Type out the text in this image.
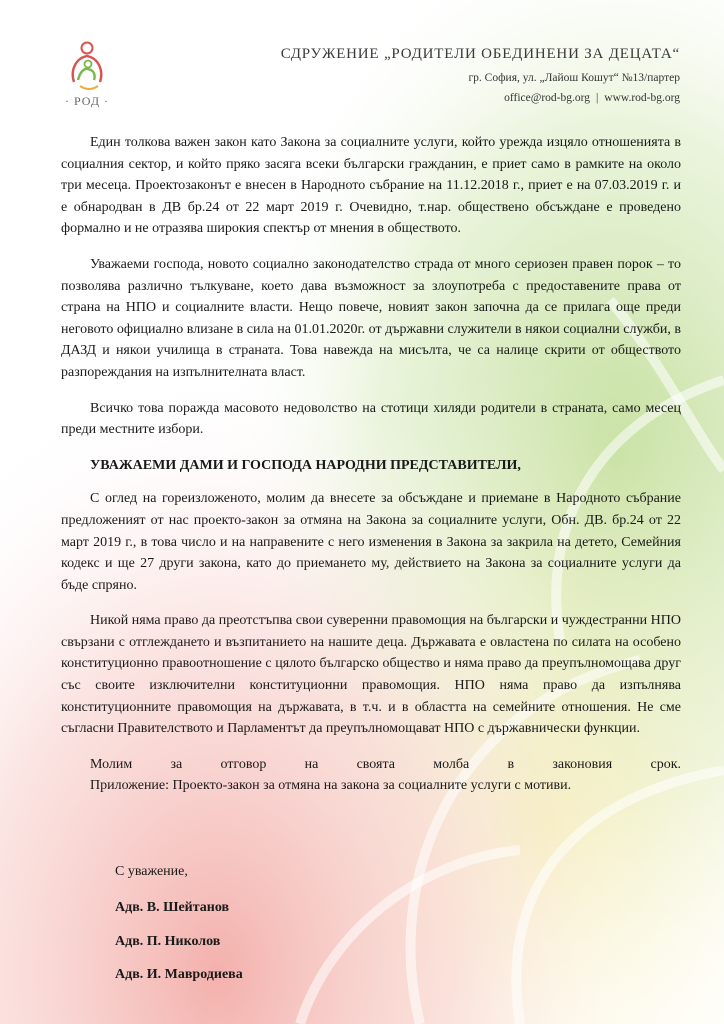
· РОД ·
СДРУЖЕНИЕ „РОДИТЕЛИ ОБЕДИНЕНИ ЗА ДЕЦАТА“
гр. София, ул. „Лайош Кошут“ №13/партер
office@rod-bg.org | www.rod-bg.org

Един толкова важен закон като Закона за социалните услуги, който урежда изцяло отношенията в социалния сектор, и който пряко засяга всеки български гражданин, е приет само в рамките на около три месеца. Проектозаконът е внесен в Народното събрание на 11.12.2018 г., приет е на 07.03.2019 г. и е обнародван в ДВ бр.24 от 22 март 2019 г. Очевидно, т.нар. обществено обсъждане е проведено формално и не отразява широкия спектър от мнения в обществото.

Уважаеми господа, новото социално законодателство страда от много сериозен правен порок – то позволява различно тълкуване, което дава възможност за злоупотреба с предоставените права от страна на НПО и социалните власти. Нещо повече, новият закон започна да се прилага още преди неговото официално влизане в сила на 01.01.2020г. от държавни служители в някои социални служби, в ДАЗД и някои училища в страната. Това навежда на мисълта, че са налице скрити от обществото разпореждания на изпълнителната власт.

Всичко това поражда масовото недоволство на стотици хиляди родители в страната, само месец преди местните избори.

УВАЖАЕМИ ДАМИ И ГОСПОДА НАРОДНИ ПРЕДСТАВИТЕЛИ,

С оглед на гореизложеното, молим да внесете за обсъждане и приемане в Народното събрание предложеният от нас проекто-закон за отмяна на Закона за социалните услуги, Обн. ДВ. бр.24 от 22 март 2019 г., в това число и на направените с него изменения в Закона за закрила на детето, Семейния кодекс и ще 27 други закона, като до приемането му, действието на Закона за социалните услуги да бъде спряно.

Никой няма право да преотстъпва свои суверенни правомощия на български и чуждестранни НПО свързани с отглеждането и възпитанието на нашите деца. Държавата е овластена по силата на особено конституционно правоотношение с цялото българско общество и няма право да преупълномощава друг със своите изключителни конституционни правомощия. НПО няма право да изпълнява конституционните правомощия на държавата, в т.ч. и в областта на семейните отношения. Не сме съгласни Правителството и Парламентът да преупълномощават НПО с държавнически функции.

Молим за отговор на своята молба в законовия срок.
Приложение: Проекто-закон за отмяна на закона за социалните услуги с мотиви.
С уважение,
Адв. В. Шейтанов
Адв. П. Николов
Адв. И. Мавродиева
